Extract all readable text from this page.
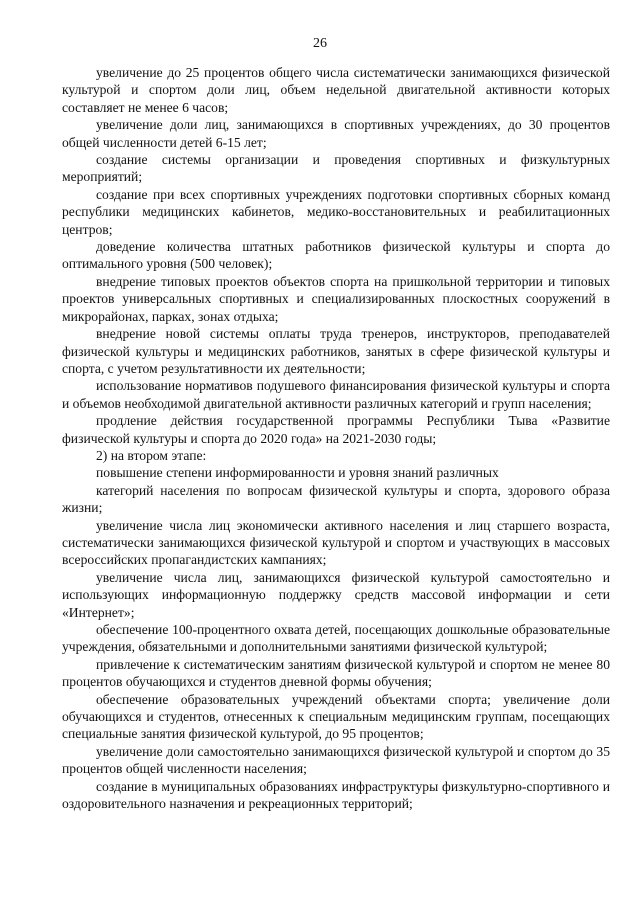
26

увеличение до 25 процентов общего числа систематически занимающихся физической культурой и спортом доли лиц, объем недельной двигательной активности которых составляет не менее 6 часов;

увеличение доли лиц, занимающихся в спортивных учреждениях, до 30 процентов общей численности детей 6-15 лет;

создание системы организации и проведения спортивных и физкультурных мероприятий;

создание при всех спортивных учреждениях подготовки спортивных сборных команд республики медицинских кабинетов, медико-восстановительных и реабилитационных центров;

доведение количества штатных работников физической культуры и спорта до оптимального уровня (500 человек);

внедрение типовых проектов объектов спорта на пришкольной территории и типовых проектов универсальных спортивных и специализированных плоскостных сооружений в микрорайонах, парках, зонах отдыха;

внедрение новой системы оплаты труда тренеров, инструкторов, преподавателей физической культуры и медицинских работников, занятых в сфере физической культуры и спорта, с учетом результативности их деятельности;

использование нормативов подушевого финансирования физической культуры и спорта и объемов необходимой двигательной активности различных категорий и групп населения;

продление действия государственной программы Республики Тыва «Развитие физической культуры и спорта до 2020 года» на 2021-2030 годы;

2) на втором этапе:

повышение степени информированности и уровня знаний различных

категорий населения по вопросам физической культуры и спорта, здорового образа жизни;

увеличение числа лиц экономически активного населения и лиц старшего возраста, систематически занимающихся физической культурой и спортом и участвующих в массовых всероссийских пропагандистских кампаниях;

увеличение числа лиц, занимающихся физической культурой самостоятельно и использующих информационную поддержку средств массовой информации и сети «Интернет»;

обеспечение 100-процентного охвата детей, посещающих дошкольные образовательные учреждения, обязательными и дополнительными занятиями физической культурой;

привлечение к систематическим занятиям физической культурой и спортом не менее 80 процентов обучающихся и студентов дневной формы обучения;

обеспечение образовательных учреждений объектами спорта; увеличение доли обучающихся и студентов, отнесенных к специальным медицинским группам, посещающих специальные занятия физической культурой, до 95 процентов;

увеличение доли самостоятельно занимающихся физической культурой и спортом до 35 процентов общей численности населения;

создание в муниципальных образованиях инфраструктуры физкультурно-спортивного и оздоровительного назначения и рекреационных территорий;
